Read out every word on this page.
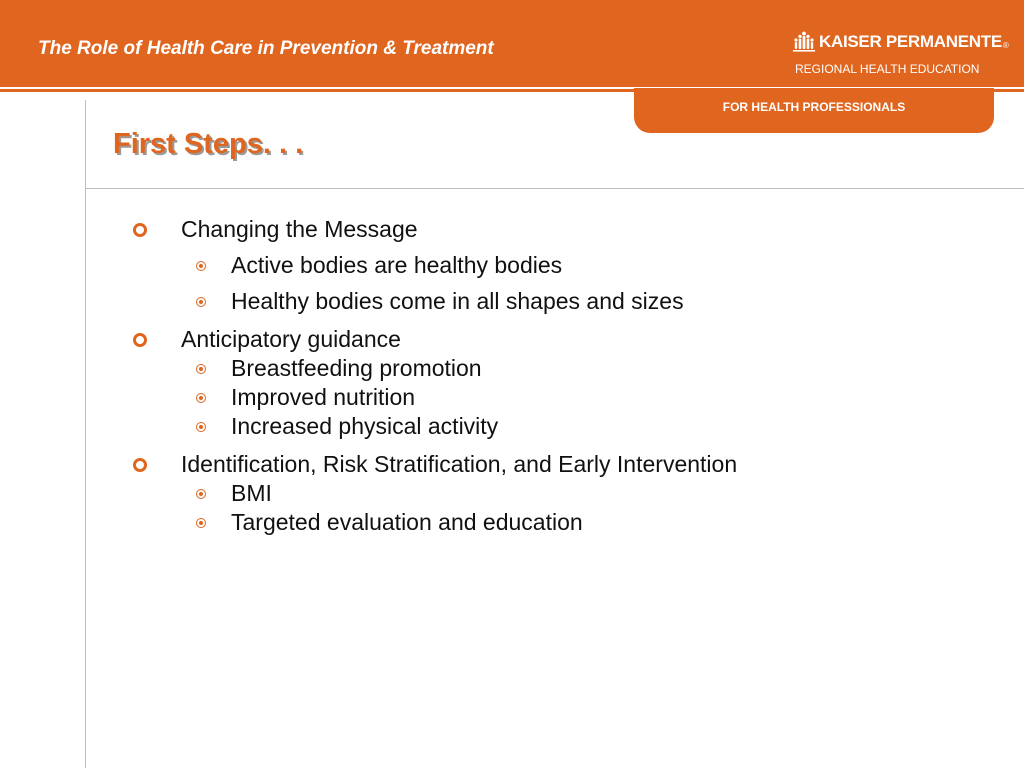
The Role of Health Care in Prevention & Treatment	KAISER PERMANENTE ®
REGIONAL HEALTH EDUCATION
FOR HEALTH PROFESSIONALS
First Steps. . .
Changing the Message
Active bodies are healthy bodies
Healthy bodies come in all shapes and sizes
Anticipatory guidance
Breastfeeding promotion
Improved nutrition
Increased physical activity
Identification, Risk Stratification, and Early Intervention
BMI
Targeted evaluation and education
